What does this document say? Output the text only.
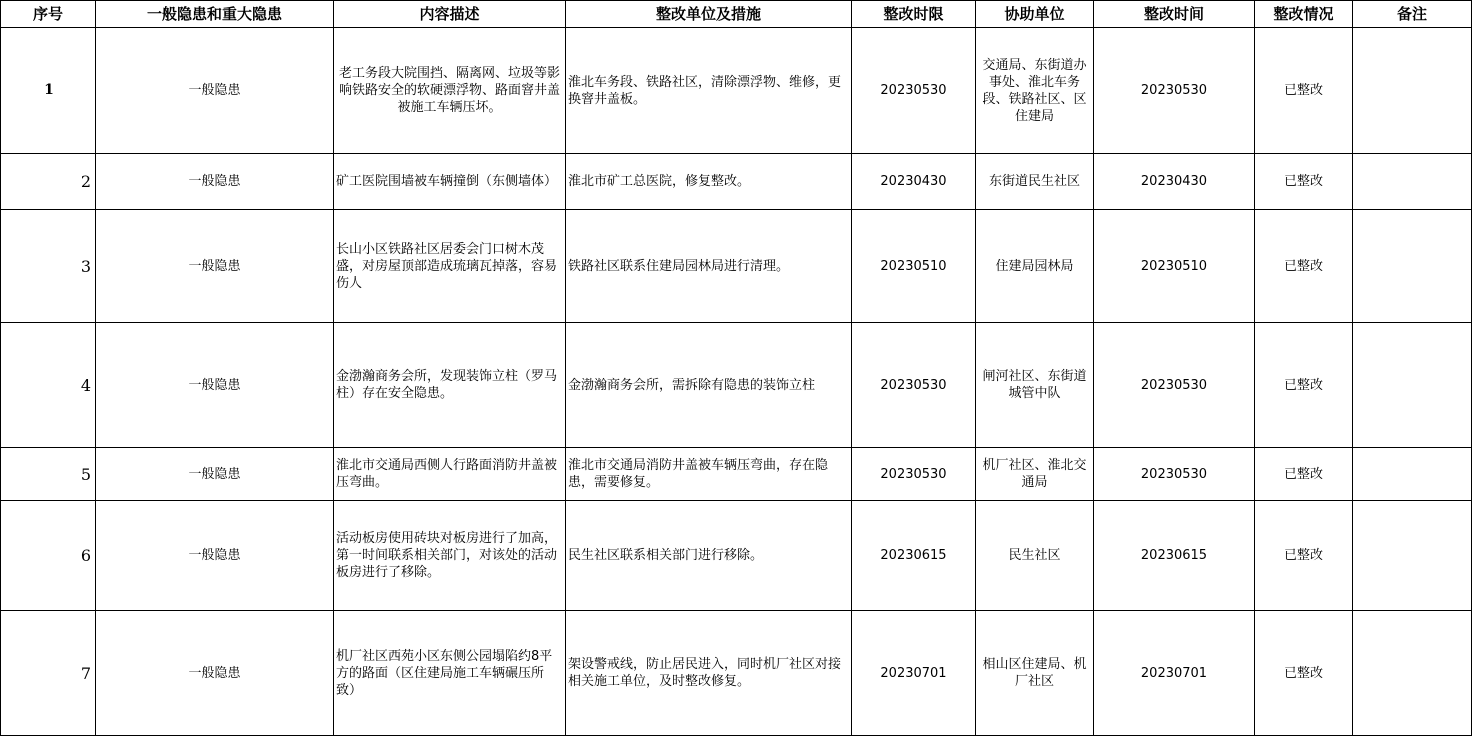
序号	一般隐患和重大隐患	内容描述	整改单位及措施	整改时限	协助单位	整改时间	整改情况	备注
1	一般隐患	老工务段大院围挡、隔离网、垃圾等影响铁路安全的软硬漂浮物、路面窨井盖被施工车辆压坏。	淮北车务段、铁路社区，清除漂浮物、维修，更换窨井盖板。	20230530	交通局、东街道办事处、淮北车务段、铁路社区、区住建局	20230530	已整改	
2	一般隐患	矿工医院围墙被车辆撞倒（东侧墙体）	淮北市矿工总医院，修复整改。	20230430	东街道民生社区	20230430	已整改	
3	一般隐患	长山小区铁路社区居委会门口树木茂盛，对房屋顶部造成琉璃瓦掉落，容易伤人	铁路社区联系住建局园林局进行清理。	20230510	住建局园林局	20230510	已整改	
4	一般隐患	金渤瀚商务会所，发现装饰立柱（罗马柱）存在安全隐患。	金渤瀚商务会所，需拆除有隐患的装饰立柱	20230530	闸河社区、东街道城管中队	20230530	已整改	
5	一般隐患	淮北市交通局西侧人行路面消防井盖被压弯曲。	淮北市交通局消防井盖被车辆压弯曲，存在隐患，需要修复。	20230530	机厂社区、淮北交通局	20230530	已整改	
6	一般隐患	活动板房使用砖块对板房进行了加高，第一时间联系相关部门，对该处的活动板房进行了移除。	民生社区联系相关部门进行移除。	20230615	民生社区	20230615	已整改	
7	一般隐患	机厂社区西苑小区东侧公园塌陷约8平方的路面（区住建局施工车辆碾压所致）	架设警戒线，防止居民进入，同时机厂社区对接相关施工单位，及时整改修复。	20230701	相山区住建局、机厂社区	20230701	已整改	
